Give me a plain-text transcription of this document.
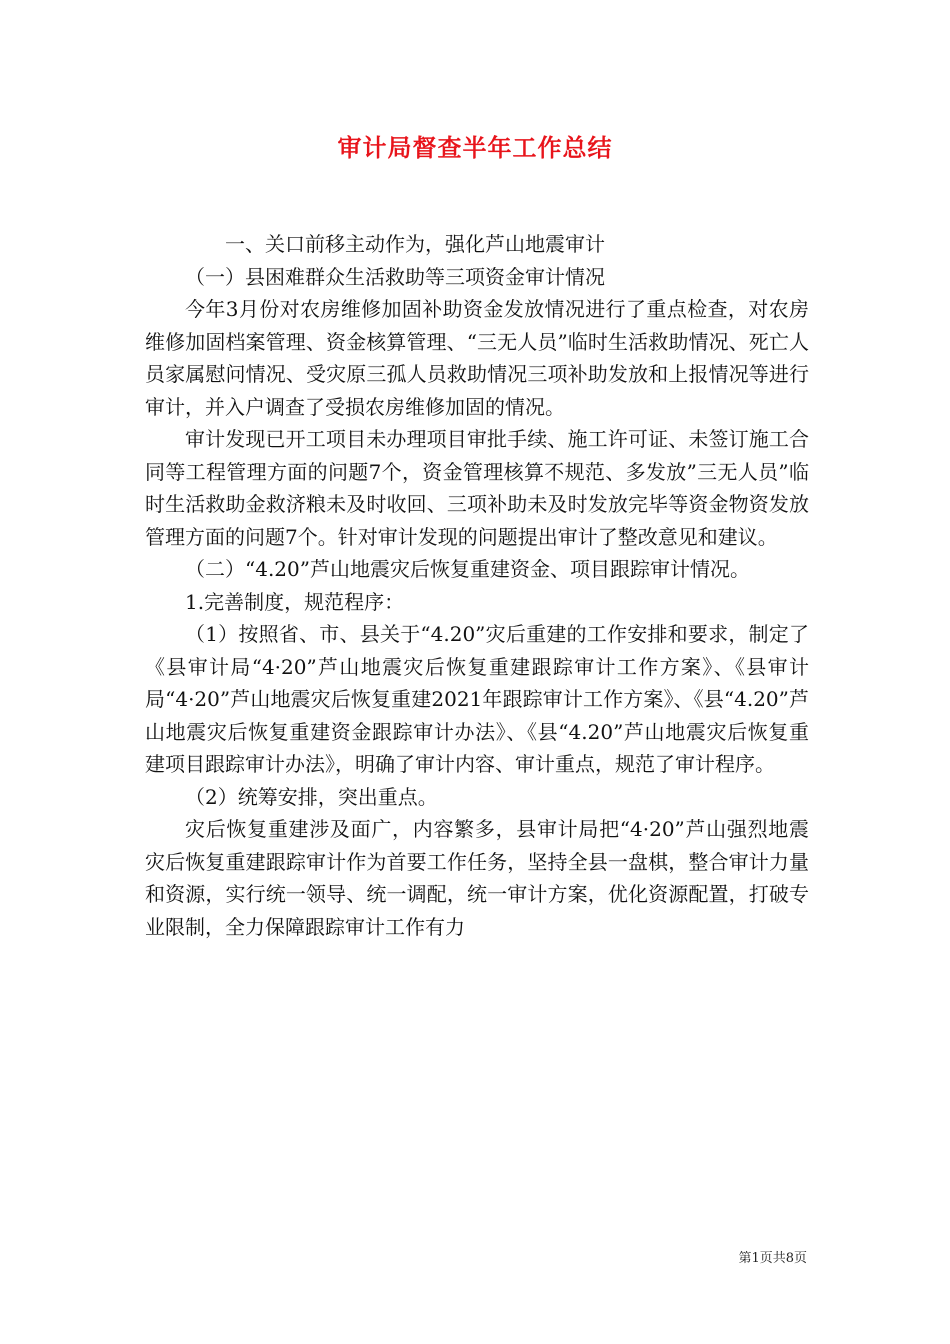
审计局督查半年工作总结

一、关口前移主动作为，强化芦山地震审计

（一）县困难群众生活救助等三项资金审计情况

今年3月份对农房维修加固补助资金发放情况进行了重点检查，对农房维修加固档案管理、资金核算管理、“三无人员”临时生活救助情况、死亡人员家属慰问情况、受灾原三孤人员救助情况三项补助发放和上报情况等进行审计，并入户调查了受损农房维修加固的情况。

审计发现已开工项目未办理项目审批手续、施工许可证、未签订施工合同等工程管理方面的问题7个，资金管理核算不规范、多发放”三无人员”临时生活救助金救济粮未及时收回、三项补助未及时发放完毕等资金物资发放管理方面的问题7个。针对审计发现的问题提出审计了整改意见和建议。

（二）“4.20”芦山地震灾后恢复重建资金、项目跟踪审计情况。

1.完善制度，规范程序：

（1）按照省、市、县关于“4.20”灾后重建的工作安排和要求，制定了《县审计局“4·20”芦山地震灾后恢复重建跟踪审计工作方案》、《县审计局“4·20”芦山地震灾后恢复重建2021年跟踪审计工作方案》、《县“4.20”芦山地震灾后恢复重建资金跟踪审计办法》、《县“4.20”芦山地震灾后恢复重建项目跟踪审计办法》，明确了审计内容、审计重点，规范了审计程序。

（2）统筹安排，突出重点。

灾后恢复重建涉及面广，内容繁多，县审计局把“4·20”芦山强烈地震灾后恢复重建跟踪审计作为首要工作任务，坚持全县一盘棋，整合审计力量和资源，实行统一领导、统一调配，统一审计方案，优化资源配置，打破专业限制，全力保障跟踪审计工作有力

第1页共8页
